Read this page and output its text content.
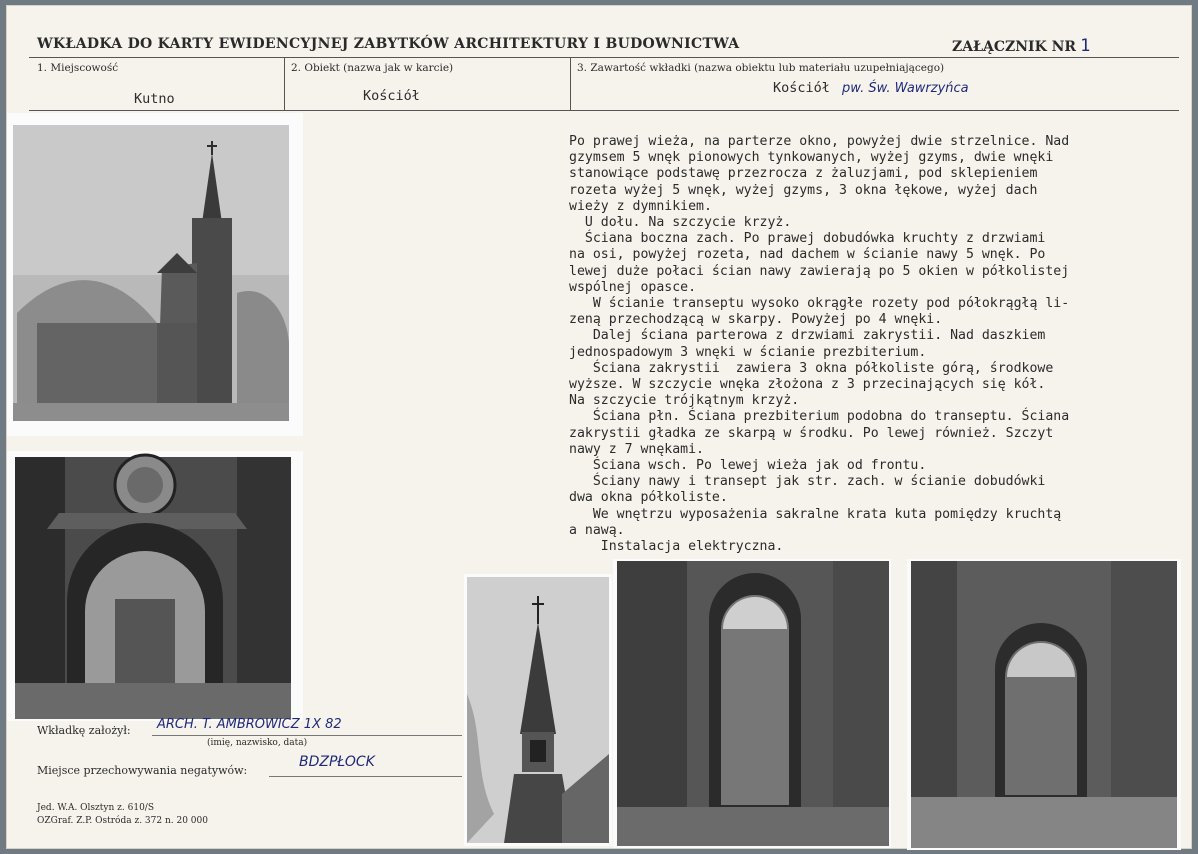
WKŁADKA DO KARTY EWIDENCYJNEJ ZABYTKÓW ARCHITEKTURY I BUDOWNICTWA	ZAŁĄCZNIK NR 1
1. Miejscowość
Kutno
2. Obiekt (nazwa jak w karcie)
Kościół
3. Zawartość wkładki (nazwa obiektu lub materiału uzupełniającego)
Kościół pw. Św. Wawrzyńca
Po prawej wieża, na parterze okno, powyżej dwie strzelnice. Nad
gzymsem 5 wnęk pionowych tynkowanych, wyżej gzyms, dwie wnęki
stanowiące podstawę przezrocza z żaluzjami, pod sklepieniem
rozeta wyżej 5 wnęk, wyżej gzyms, 3 okna łękowe, wyżej dach
wieży z dymnikiem.
U dołu. Na szczycie krzyż.
Ściana boczna zach. Po prawej dobudówka kruchty z drzwiami
na osi, powyżej rozeta, nad dachem w ścianie nawy 5 wnęk. Po
lewej duże połaci ścian nawy zawierają po 5 okien w półkolistej
wspólnej opasce.
W ścianie transeptu wysoko okrągłe rozety pod półokrągłą li-
zeną przechodzącą w skarpy. Powyżej po 4 wnęki.
Dalej ściana parterowa z drzwiami zakrystii. Nad daszkiem
jednospadowym 3 wnęki w ścianie prezbiterium.
Ściana zakrystii  zawiera 3 okna półkoliste górą, środkowe
wyższe. W szczycie wnęka złożona z 3 przecinających się kół.
Na szczycie trójkątnym krzyż.
Ściana płn. Ściana prezbiterium podobna do transeptu. Ściana
zakrystii gładka ze skarpą w środku. Po lewej również. Szczyt
nawy z 7 wnękami.
Ściana wsch. Po lewej wieża jak od frontu.
Ściany nawy i transept jak str. zach. w ścianie dobudówki
dwa okna półkoliste.
We wnętrzu wyposażenia sakralne krata kuta pomiędzy kruchtą
a nawą.
Instalacja elektryczna.
Wkładkę założył: ARCH. T. AMBROWICZ 1X 82
(imię, nazwisko, data)
Miejsce przechowywania negatywów:
BDZPŁOCK
Jed. W.A. Olsztyn z. 610/S
OZGraf. Z.P. Ostróda z. 372 n. 20 000
